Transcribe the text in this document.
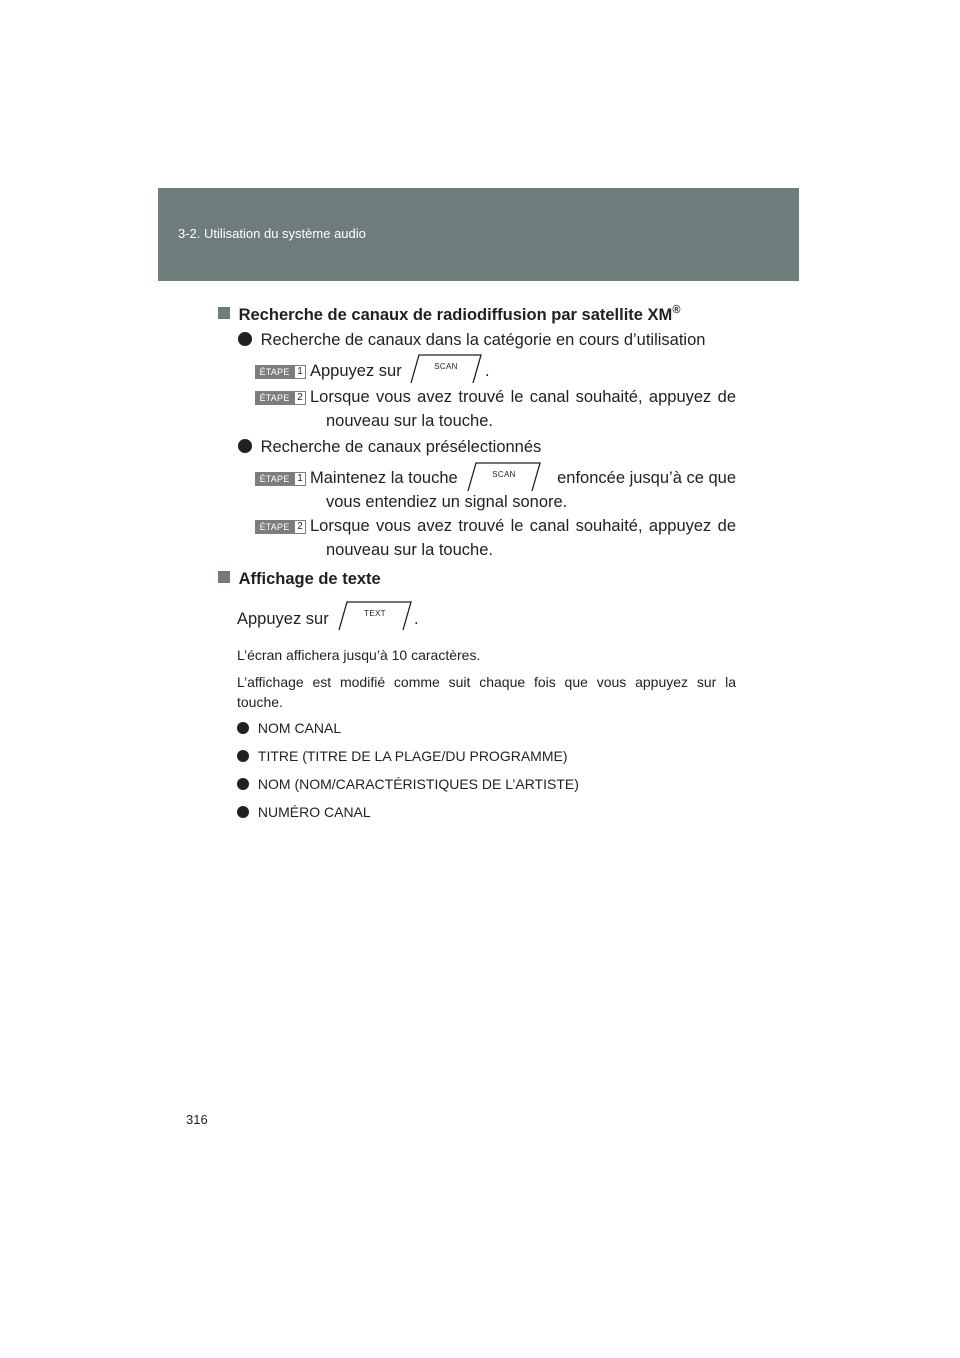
3-2. Utilisation du système audio
Recherche de canaux de radiodiffusion par satellite XM®
Recherche de canaux dans la catégorie en cours d’utilisation
ÉTAPE 1 Appuyez sur	SCAN	.
ÉTAPE 2 Lorsque vous avez trouvé le canal souhaité, appuyez de
nouveau sur la touche.
Recherche de canaux présélectionnés
ÉTAPE 1 Maintenez la touche	SCAN	enfoncée jusqu’à ce que
vous entendiez un signal sonore.
ÉTAPE 2 Lorsque vous avez trouvé le canal souhaité, appuyez de
nouveau sur la touche.
Affichage de texte
Appuyez sur	TEXT	.
L’écran affichera jusqu’à 10 caractères.
L’affichage est modifié comme suit chaque fois que vous appuyez sur la
touche.
NOM CANAL
TITRE (TITRE DE LA PLAGE/DU PROGRAMME)
NOM (NOM/CARACTÉRISTIQUES DE L’ARTISTE)
NUMÉRO CANAL
316
